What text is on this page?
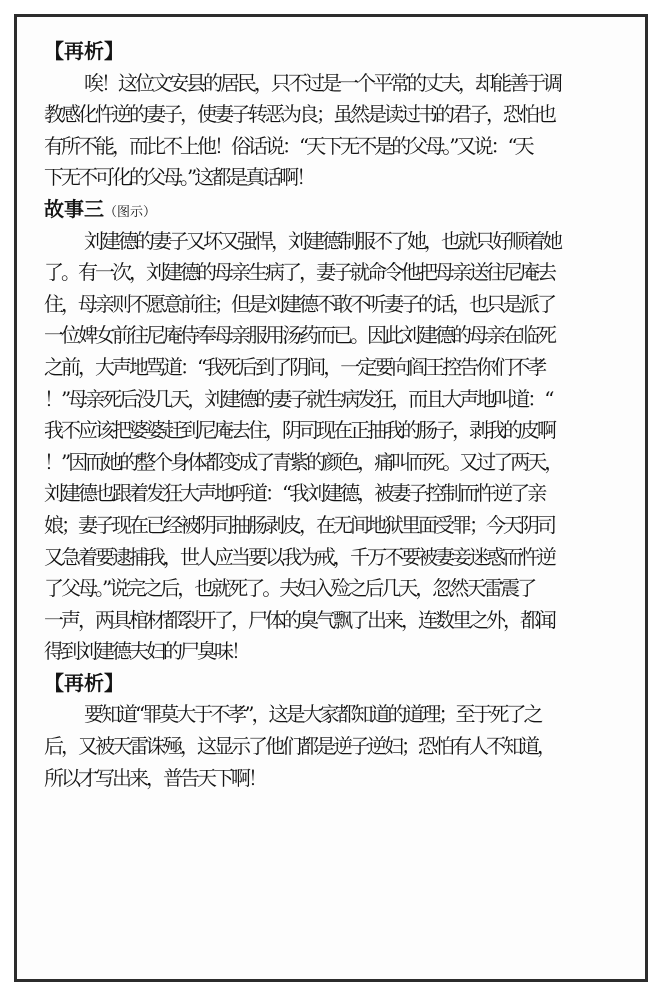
【再析】
唉！这位文安县的居民，只不过是一个平常的丈夫，却能善于调
教感化忤逆的妻子，使妻子转恶为良；虽然是读过书的君子，恐怕也
有所不能，而比不上他！俗话说：“天下无不是的父母。”又说：“天
下无不可化的父母。”这都是真话啊！
故事三（图示）
刘建德的妻子又坏又强悍，刘建德制服不了她，也就只好顺着她
了。有一次，刘建德的母亲生病了，妻子就命令他把母亲送往尼庵去
住，母亲则不愿意前往；但是刘建德不敢不听妻子的话，也只是派了
一位婢女前往尼庵侍奉母亲服用汤药而已。因此刘建德的母亲在临死
之前，大声地骂道：“我死后到了阴间，一定要向阎王控告你们不孝
！”母亲死后没几天，刘建德的妻子就生病发狂，而且大声地叫道：“
我不应该把婆婆赶到尼庵去住，阴司现在正抽我的肠子，剥我的皮啊
！”因而她的整个身体都变成了青紫的颜色，痛叫而死。又过了两天，
刘建德也跟着发狂大声地呼道：“我刘建德，被妻子控制而忤逆了亲
娘；妻子现在已经被阴司抽肠剥皮，在无间地狱里面受罪；今天阴司
又急着要逮捕我，世人应当要以我为戒，千万不要被妻妾迷惑而忤逆
了父母。”说完之后，也就死了。夫妇入殓之后几天，忽然天雷震了
一声，两具棺材都裂开了，尸体的臭气飘了出来，连数里之外，都闻
得到刘建德夫妇的尸臭味！
【再析】
要知道“罪莫大于不孝”，这是大家都知道的道理；至于死了之
后，又被天雷诛殛，这显示了他们都是逆子逆妇；恐怕有人不知道，
所以才写出来，普告天下啊！
